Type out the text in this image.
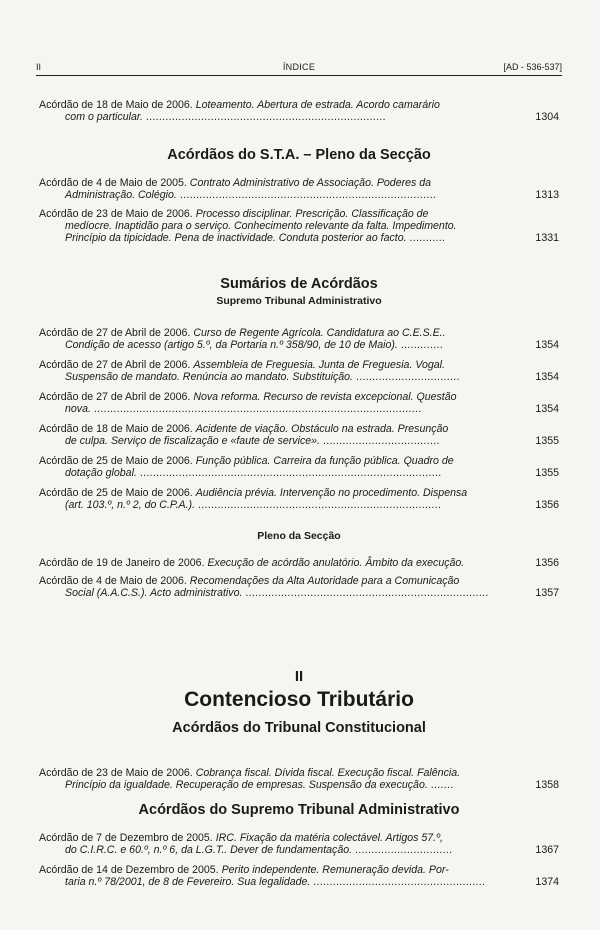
II	ÍNDICE	[AD - 536-537]
Acórdão de 18 de Maio de 2006. Loteamento. Abertura de estrada. Acordo camarário
com o particular. ..........................................................................	1304
Acórdãos do S.T.A. – Pleno da Secção
Acórdão de 4 de Maio de 2005. Contrato Administrativo de Associação. Poderes da
Administração. Colégio. ...............................................................................	1313
Acórdão de 23 de Maio de 2006. Processo disciplinar. Prescrição. Classificação de
medíocre. Inaptidão para o serviço. Conhecimento relevante da falta. Impedimento.
Princípio da tipicidade. Pena de inactividade. Conduta posterior ao facto. ...........	1331
Sumários de Acórdãos
Supremo Tribunal Administrativo
Acórdão de 27 de Abril de 2006. Curso de Regente Agrícola. Candidatura ao C.E.S.E..
Condição de acesso (artigo 5.º, da Portaria n.º 358/90, de 10 de Maio). .............	1354
Acórdão de 27 de Abril de 2006. Assembleia de Freguesia. Junta de Freguesia. Vogal.
Suspensão de mandato. Renúncia ao mandato. Substituição. ................................	1354
Acórdão de 27 de Abril de 2006. Nova reforma. Recurso de revista excepcional. Questão
nova. .....................................................................................................	1354
Acórdão de 18 de Maio de 2006. Acidente de viação. Obstáculo na estrada. Presunção
de culpa. Serviço de fiscalização e «faute de service». ....................................	1355
Acórdão de 25 de Maio de 2006. Função pública. Carreira da função pública. Quadro de
dotação global. .............................................................................................	1355
Acórdão de 25 de Maio de 2006. Audiência prévia. Intervenção no procedimento. Dispensa
(art. 103.º, n.º 2, do C.P.A.). ...........................................................................	1356
Pleno da Secção
Acórdão de 19 de Janeiro de 2006. Execução de acórdão anulatório. Âmbito da execução.	1356
Acórdão de 4 de Maio de 2006. Recomendações da Alta Autoridade para a Comunicação
Social (A.A.C.S.). Acto administrativo. ...........................................................................	1357
II
Contencioso Tributário
Acórdãos do Tribunal Constitucional
Acórdão de 23 de Maio de 2006. Cobrança fiscal. Dívida fiscal. Execução fiscal. Falência.
Princípio da igualdade. Recuperação de empresas. Suspensão da execução. .......	1358
Acórdãos do Supremo Tribunal Administrativo
Acórdão de 7 de Dezembro de 2005. IRC. Fixação da matéria colectável. Artigos 57.º,
do C.I.R.C. e 60.º, n.º 6, da L.G.T.. Dever de fundamentação. ..............................	1367
Acórdão de 14 de Dezembro de 2005. Perito independente. Remuneração devida. Por-
taria n.º 78/2001, de 8 de Fevereiro. Sua legalidade. .....................................................	1374
